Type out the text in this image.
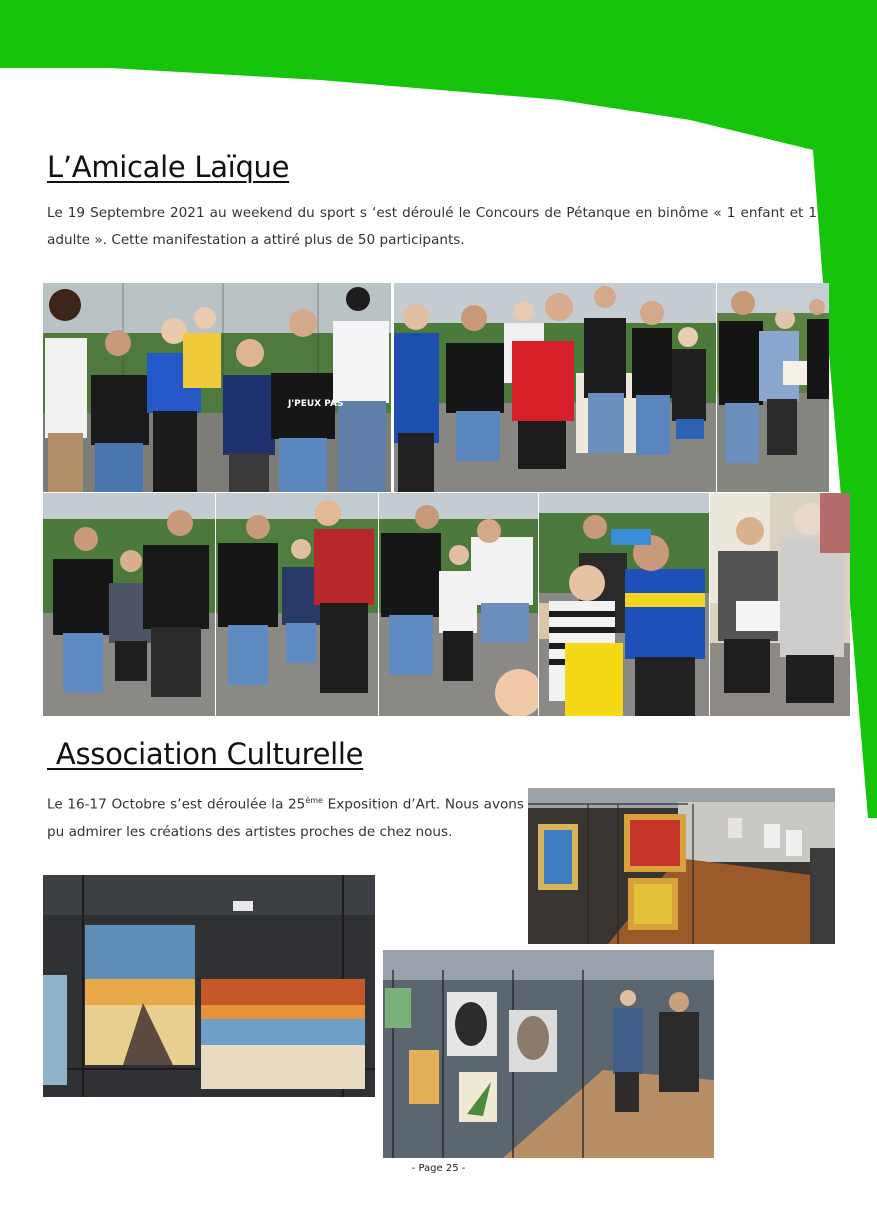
L’Amicale Laïque

Le 19 Septembre 2021 au weekend du sport s ‘est déroulé le Concours de Pétanque en binôme « 1 enfant et 1 adulte ». Cette manifestation a attiré plus de 50 participants.

J'PEUX PAS
Association Culturelle

Le 16-17 Octobre s’est déroulée la 25ème Exposition d’Art. Nous avons pu admirer les créations des artistes proches de chez nous.

- Page 25 -
